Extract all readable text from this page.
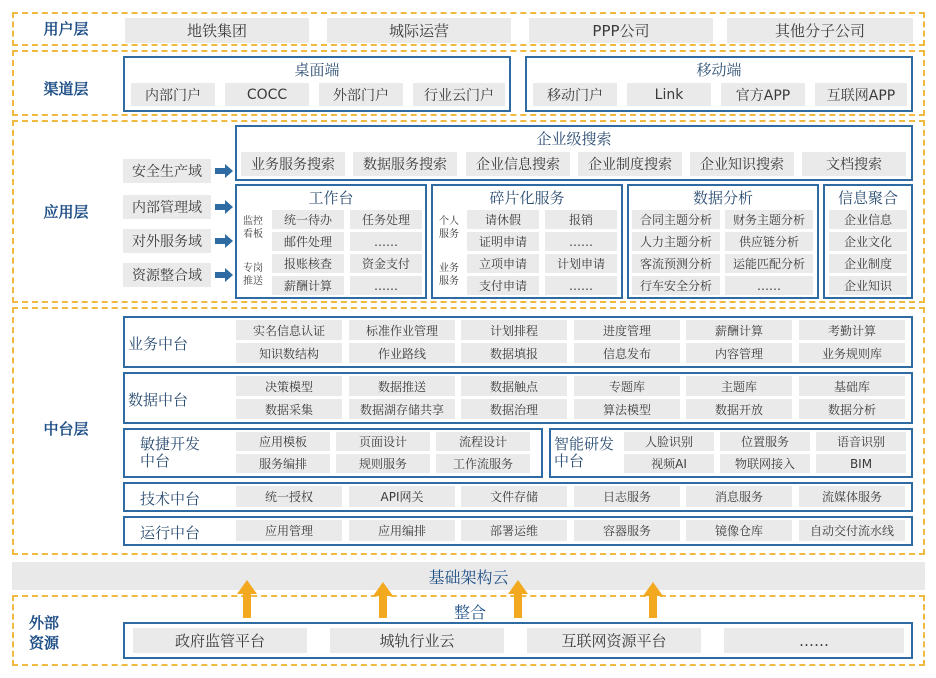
用户层	地铁集团	城际运营	PPP公司	其他分子公司
渠道层
桌面端
内部门户	COCC	外部门户	行业云门户
移动端
移动门户	Link	官方APP	互联网APP
应用层
安全生产域
内部管理域
对外服务域
资源整合域
企业级搜索
业务服务搜索	数据服务搜索	企业信息搜索	企业制度搜索	企业知识搜索	文档搜索
工作台
监控看板
专岗推送
统一待办	任务处理
邮件处理	……
报账核查	资金支付
薪酬计算	……
碎片化服务
个人服务
业务服务
请休假	报销
证明申请	……
立项申请	计划申请
支付申请	……
数据分析
合同主题分析	财务主题分析
人力主题分析	供应链分析
客流预测分析	运能匹配分析
行车安全分析	……
信息聚合
企业信息
企业文化
企业制度
企业知识
中台层
业务中台
实名信息认证	标准作业管理	计划排程	进度管理	薪酬计算	考勤计算
知识数结构	作业路线	数据填报	信息发布	内容管理	业务规则库
数据中台
决策模型	数据推送	数据触点	专题库	主题库	基础库
数据采集	数据湖存储共享	数据治理	算法模型	数据开放	数据分析
敏捷开发中台
应用模板	页面设计	流程设计
服务编排	规则服务	工作流服务
智能研发中台
人脸识别	位置服务	语音识别
视频AI	物联网接入	BIM
技术中台	统一授权	API网关	文件存储	日志服务	消息服务	流媒体服务
运行中台	应用管理	应用编排	部署运维	容器服务	镜像仓库	自动交付流水线
基础架构云
外部资源
整合
政府监管平台	城轨行业云	互联网资源平台	……
